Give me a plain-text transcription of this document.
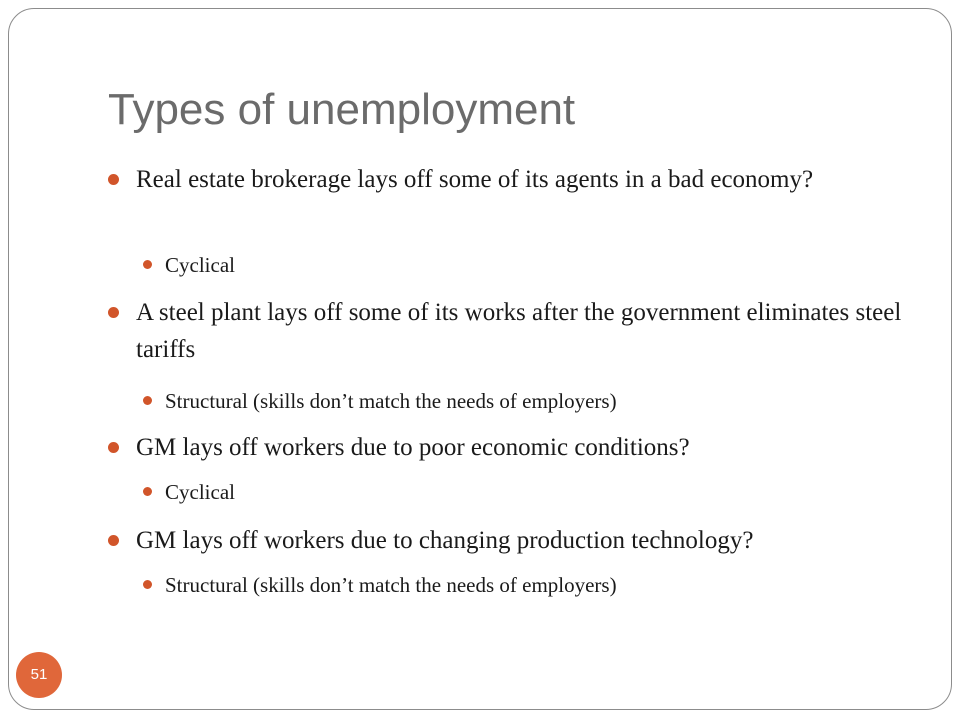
Types of unemployment
Real estate brokerage lays off some of its agents in a bad economy?
Cyclical
A steel plant lays off some of its works after the government eliminates steel tariffs
Structural (skills don’t match the needs of employers)
GM lays off workers due to poor economic conditions?
Cyclical
GM lays off workers due to changing production technology?
Structural (skills don’t match the needs of employers)
51
